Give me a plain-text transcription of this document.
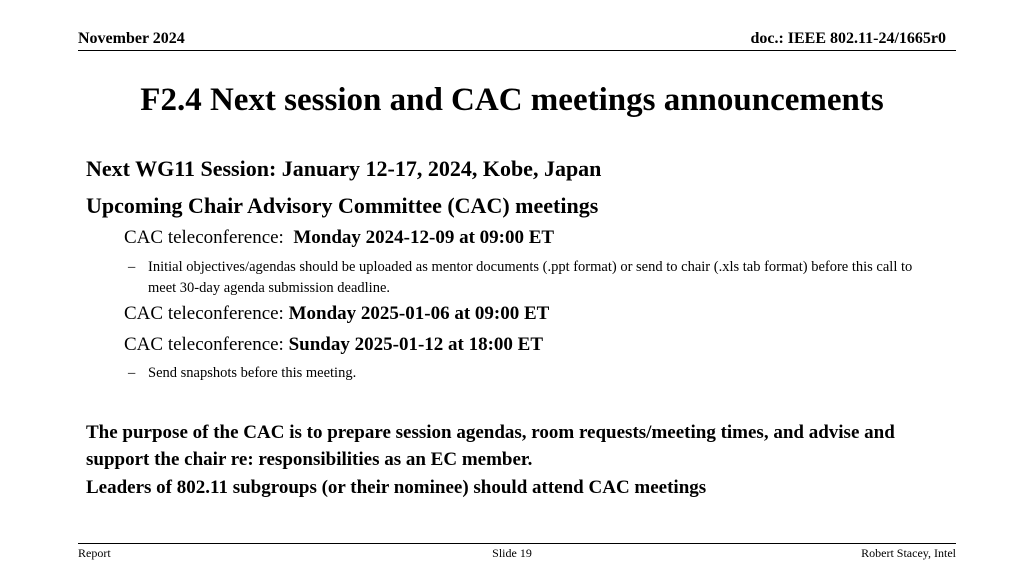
November 2024	doc.: IEEE 802.11-24/1665r0
F2.4 Next session and CAC meetings announcements
Next WG11 Session: January 12-17, 2024, Kobe, Japan
Upcoming Chair Advisory Committee (CAC) meetings
CAC teleconference: Monday 2024-12-09 at 09:00 ET
– Initial objectives/agendas should be uploaded as mentor documents (.ppt format) or send to chair (.xls tab format) before this call to meet 30-day agenda submission deadline.
CAC teleconference: Monday 2025-01-06 at 09:00 ET
CAC teleconference: Sunday 2025-01-12 at 18:00 ET
– Send snapshots before this meeting.
The purpose of the CAC is to prepare session agendas, room requests/meeting times, and advise and support the chair re: responsibilities as an EC member.
Leaders of 802.11 subgroups (or their nominee) should attend CAC meetings
Report	Slide 19	Robert Stacey, Intel
